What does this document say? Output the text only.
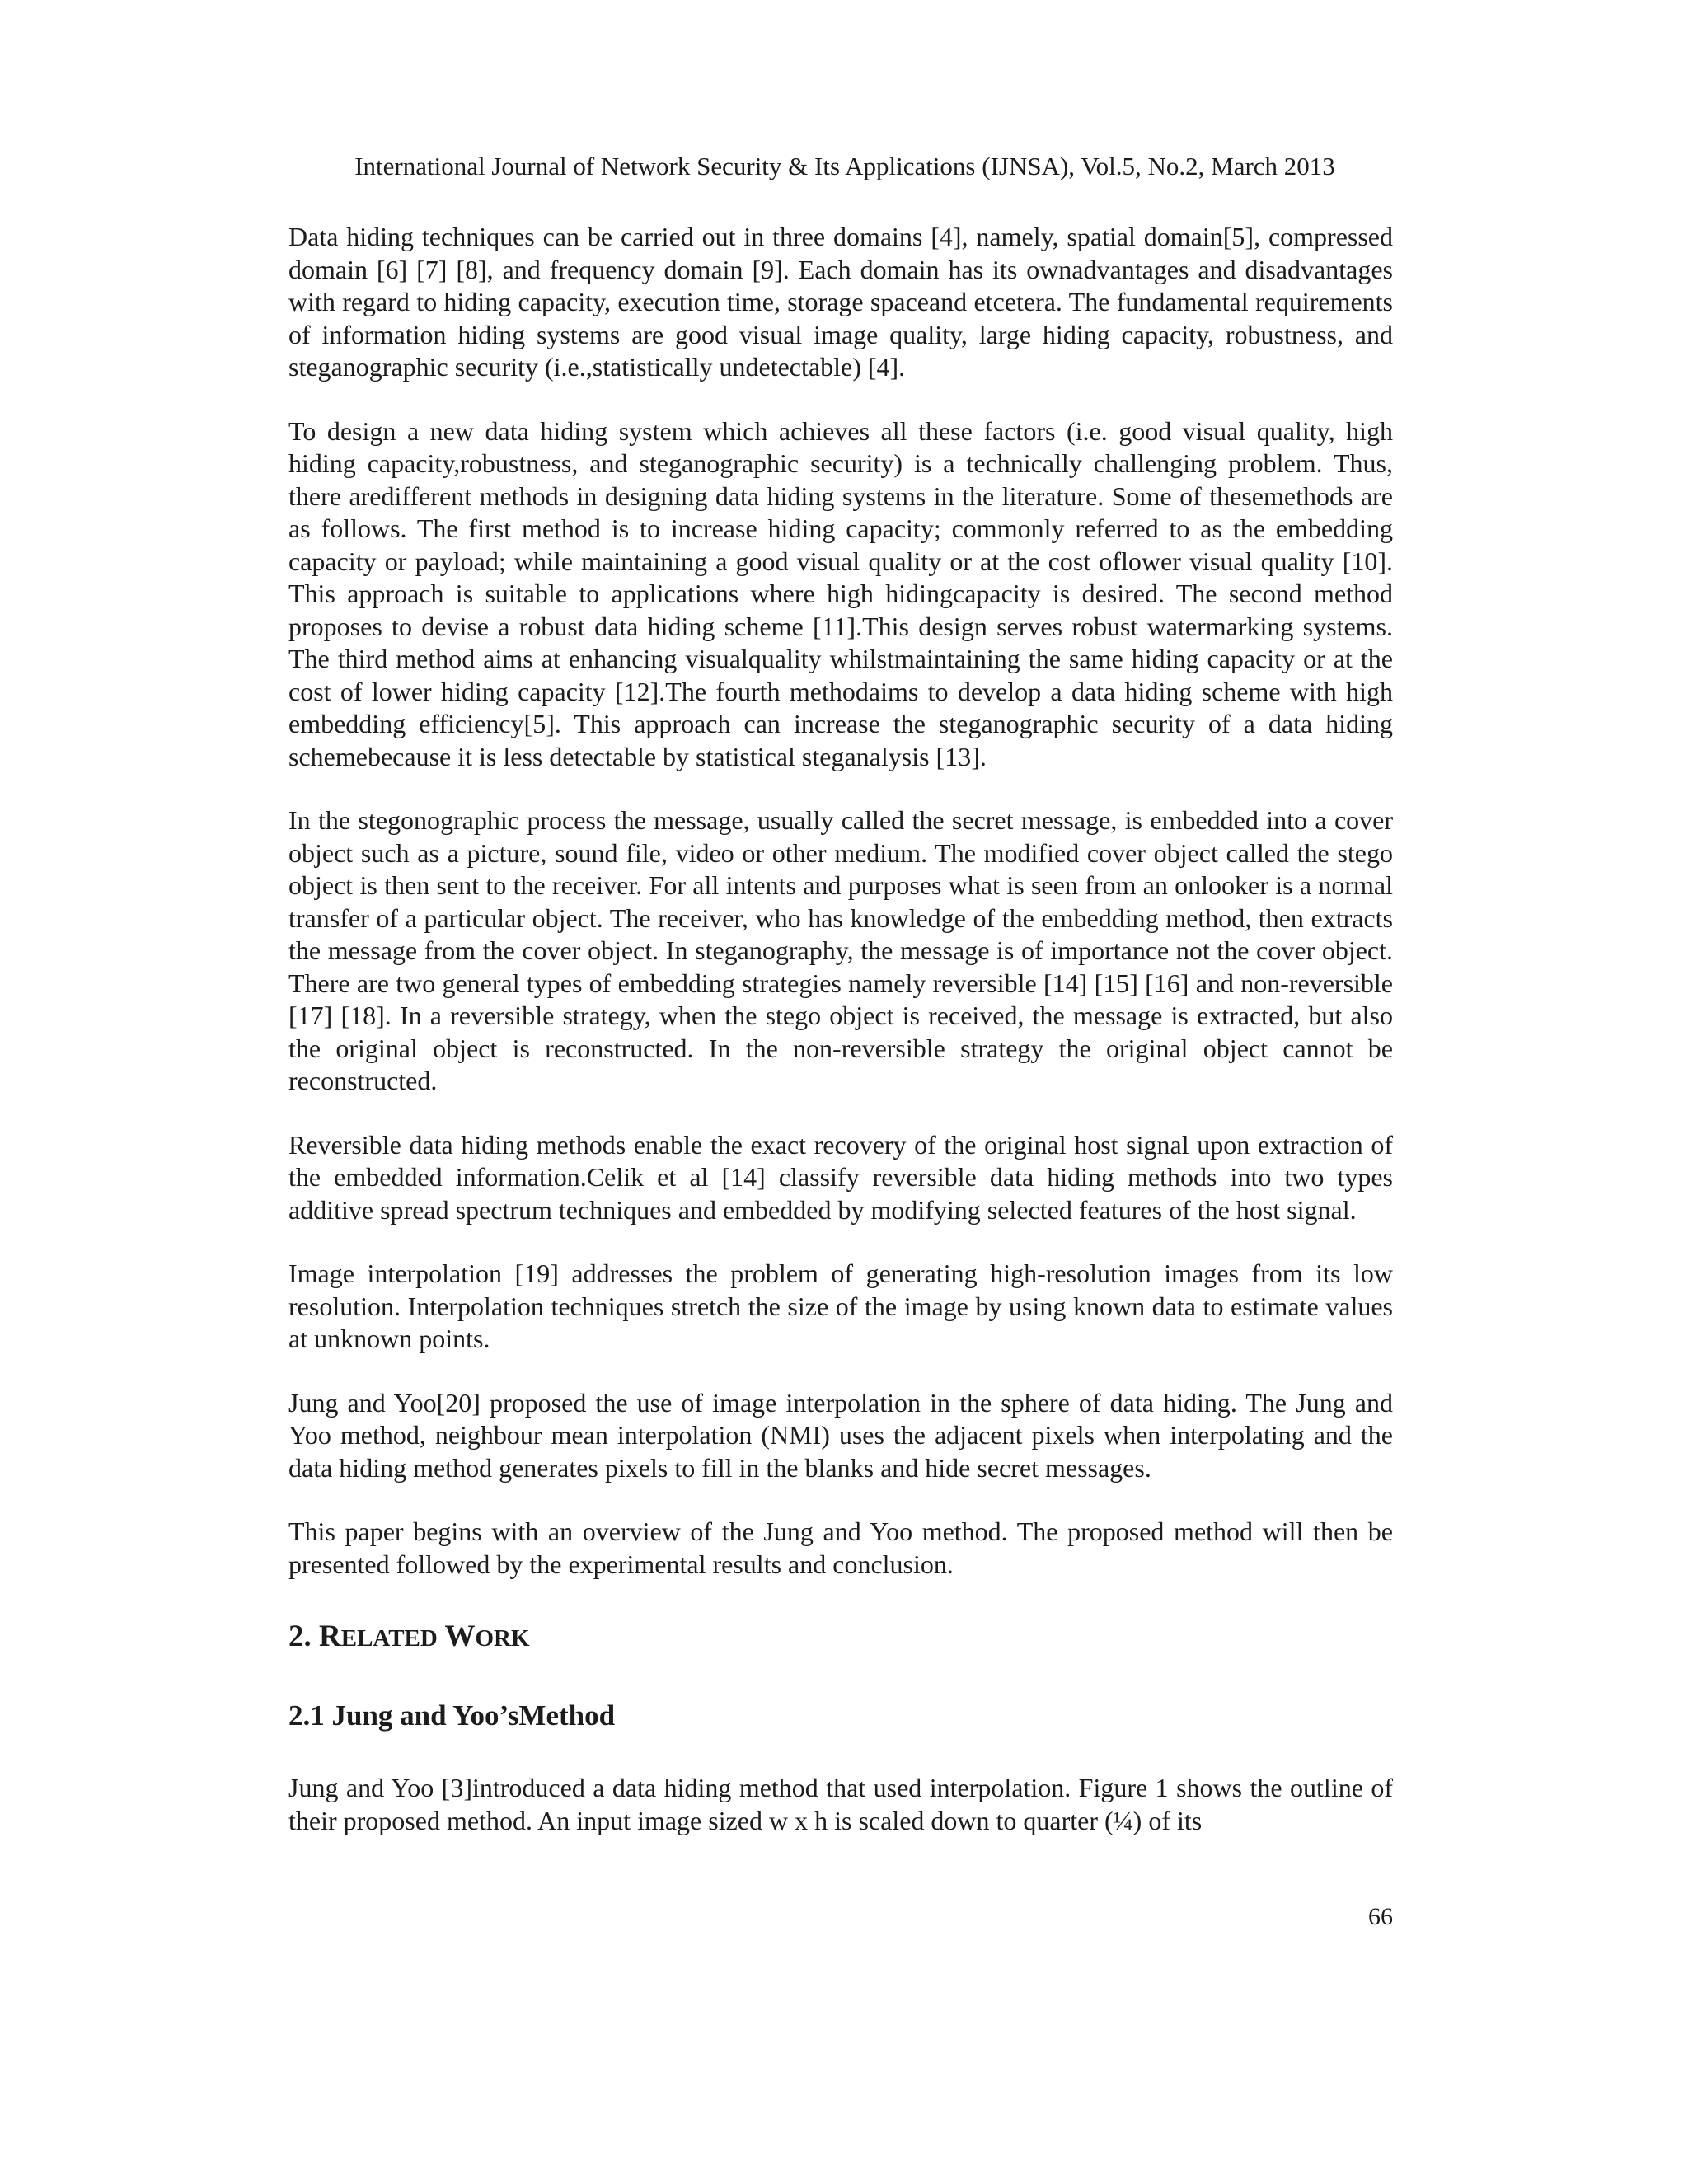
International Journal of Network Security & Its Applications (IJNSA), Vol.5, No.2, March 2013

Data hiding techniques can be carried out in three domains [4], namely, spatial domain[5], compressed domain [6] [7] [8], and frequency domain [9]. Each domain has its ownadvantages and disadvantages with regard to hiding capacity, execution time, storage spaceand etcetera. The fundamental requirements of information hiding systems are good visual image quality, large hiding capacity, robustness, and steganographic security (i.e.,statistically undetectable) [4].

To design a new data hiding system which achieves all these factors (i.e. good visual quality, high hiding capacity,robustness, and steganographic security) is a technically challenging problem. Thus, there aredifferent methods in designing data hiding systems in the literature. Some of thesemethods are as follows. The first method is to increase hiding capacity; commonly referred to as the embedding capacity or payload; while maintaining a good visual quality or at the cost oflower visual quality [10]. This approach is suitable to applications where high hidingcapacity is desired. The second method proposes to devise a robust data hiding scheme [11].This design serves robust watermarking systems. The third method aims at enhancing visualquality whilstmaintaining the same hiding capacity or at the cost of lower hiding capacity [12].The fourth methodaims to develop a data hiding scheme with high embedding efficiency[5]. This approach can increase the steganographic security of a data hiding schemebecause it is less detectable by statistical steganalysis [13].

In the stegonographic process the message, usually called the secret message, is embedded into a cover object such as a picture, sound file, video or other medium. The modified cover object called the stego object is then sent to the receiver. For all intents and purposes what is seen from an onlooker is a normal transfer of a particular object. The receiver, who has knowledge of the embedding method, then extracts the message from the cover object. In steganography, the message is of importance not the cover object. There are two general types of embedding strategies namely reversible [14] [15] [16] and non-reversible [17] [18]. In a reversible strategy, when the stego object is received, the message is extracted, but also the original object is reconstructed. In the non-reversible strategy the original object cannot be reconstructed.

Reversible data hiding methods enable the exact recovery of the original host signal upon extraction of the embedded information.Celik et al [14] classify reversible data hiding methods into two types additive spread spectrum techniques and embedded by modifying selected features of the host signal.

Image interpolation [19] addresses the problem of generating high-resolution images from its low resolution. Interpolation techniques stretch the size of the image by using known data to estimate values at unknown points.

Jung and Yoo[20] proposed the use of image interpolation in the sphere of data hiding. The Jung and Yoo method, neighbour mean interpolation (NMI) uses the adjacent pixels when interpolating and the data hiding method generates pixels to fill in the blanks and hide secret messages.

This paper begins with an overview of the Jung and Yoo method. The proposed method will then be presented followed by the experimental results and conclusion.

2. RELATED WORK
2.1 Jung and Yoo’sMethod

Jung and Yoo [3]introduced a data hiding method that used interpolation. Figure 1 shows the outline of their proposed method. An input image sized w x h is scaled down to quarter (¼) of its

66
